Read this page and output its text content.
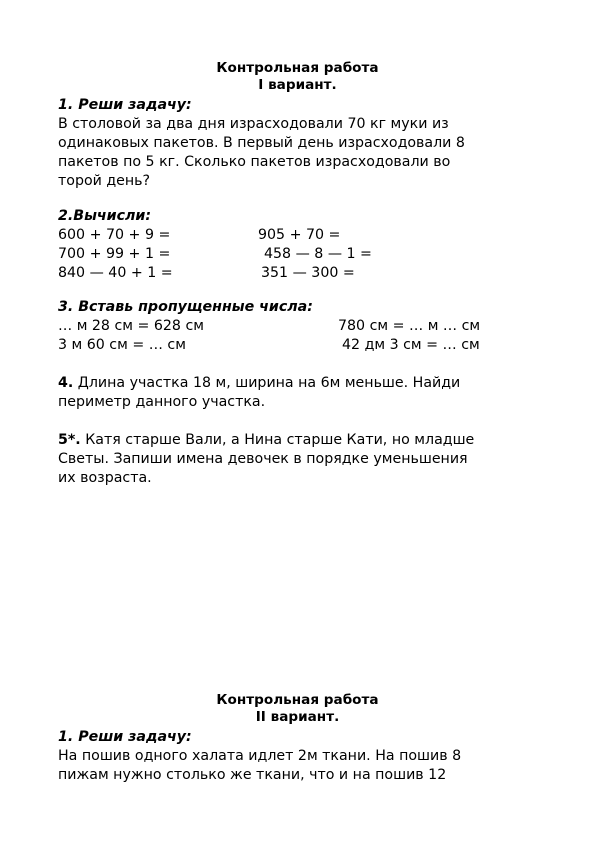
Контрольная работа
I вариант.
1. Реши задачу:
В столовой за два дня израсходовали 70 кг муки из
одинаковых пакетов. В первый день израсходовали 8
пакетов по 5 кг. Сколько пакетов израсходовали во
торой день?
2.Вычисли:
600 + 70 + 9 =	905 + 70 =
700 + 99 + 1 =	458 — 8 — 1 =
840 — 40 + 1 =	351 — 300 =
3. Вставь пропущенные числа:
… м 28 см = 628 см	780 см = … м … см
3 м 60 см = … см	42 дм 3 см = … см
4. Длина участка 18 м, ширина на 6м меньше. Найди
периметр данного участка.
5*. Катя старше Вали, а Нина старше Кати, но младше
Светы. Запиши имена девочек в порядке уменьшения
их возраста.
Контрольная работа
II вариант.
1. Реши задачу:
На пошив одного халата идлет 2м ткани. На пошив 8
пижам нужно столько же ткани, что и на пошив 12
